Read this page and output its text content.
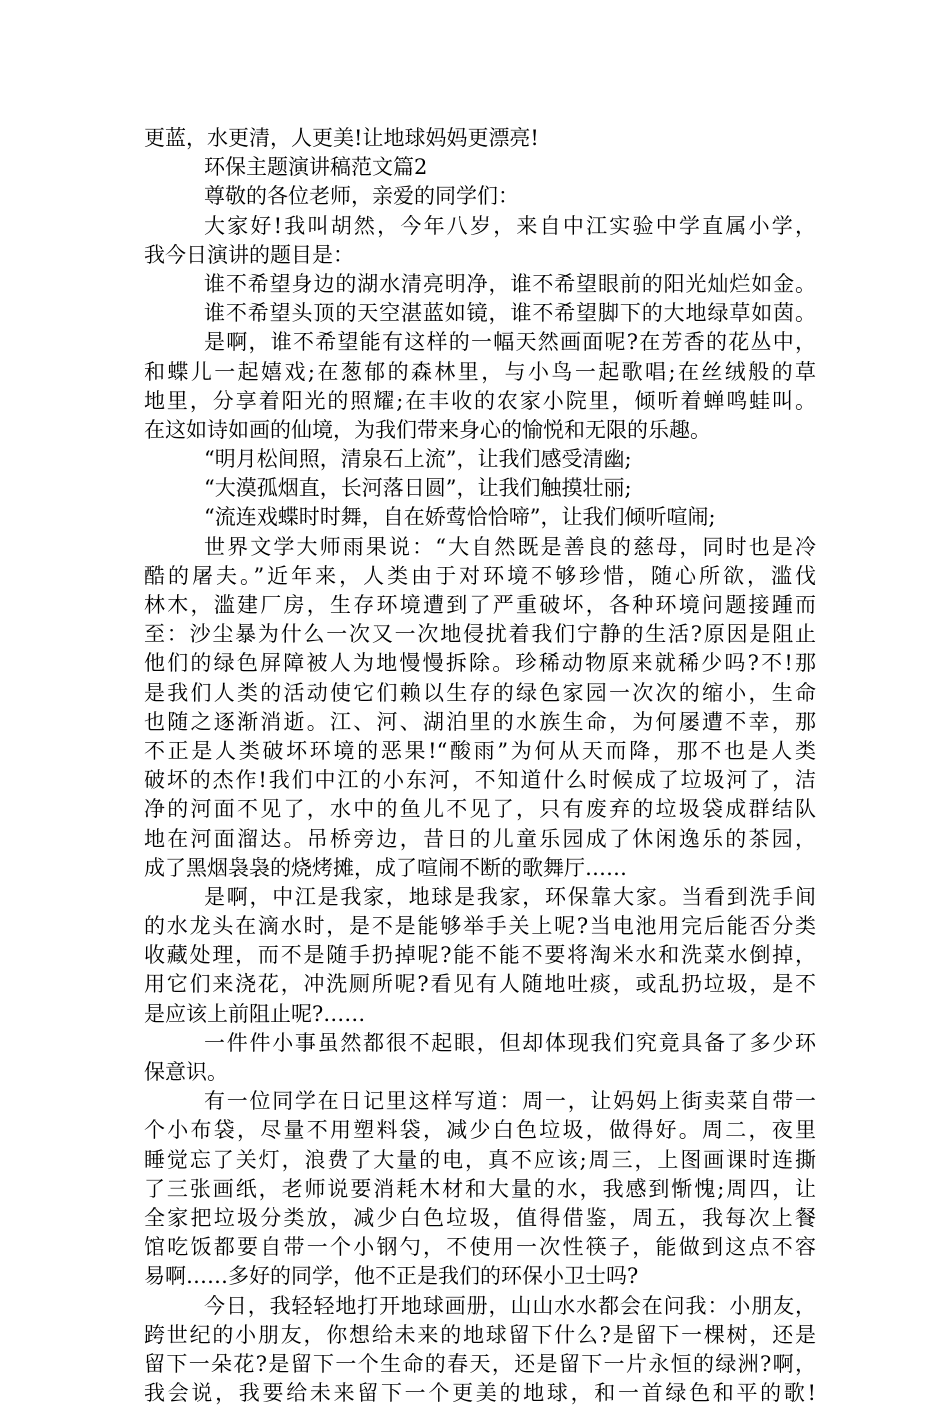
更蓝，水更清，人更美!让地球妈妈更漂亮!
环保主题演讲稿范文篇2
尊敬的各位老师，亲爱的同学们：
大家好!我叫胡然，今年八岁，来自中江实验中学直属小学，
我今日演讲的题目是：
谁不希望身边的湖水清亮明净，谁不希望眼前的阳光灿烂如金。
谁不希望头顶的天空湛蓝如镜，谁不希望脚下的大地绿草如茵。
是啊，谁不希望能有这样的一幅天然画面呢?在芳香的花丛中，
和蝶儿一起嬉戏;在葱郁的森林里，与小鸟一起歌唱;在丝绒般的草
地里，分享着阳光的照耀;在丰收的农家小院里，倾听着蝉鸣蛙叫。
在这如诗如画的仙境，为我们带来身心的愉悦和无限的乐趣。
“明月松间照，清泉石上流”，让我们感受清幽;
“大漠孤烟直，长河落日圆”，让我们触摸壮丽;
“流连戏蝶时时舞，自在娇莺恰恰啼”，让我们倾听喧闹;
世界文学大师雨果说：“大自然既是善良的慈母，同时也是冷
酷的屠夫。”近年来，人类由于对环境不够珍惜，随心所欲，滥伐
林木，滥建厂房，生存环境遭到了严重破坏，各种环境问题接踵而
至：沙尘暴为什么一次又一次地侵扰着我们宁静的生活?原因是阻止
他们的绿色屏障被人为地慢慢拆除。珍稀动物原来就稀少吗?不!那
是我们人类的活动使它们赖以生存的绿色家园一次次的缩小，生命
也随之逐渐消逝。江、河、湖泊里的水族生命，为何屡遭不幸，那
不正是人类破坏环境的恶果!“酸雨”为何从天而降，那不也是人类
破坏的杰作!我们中江的小东河，不知道什么时候成了垃圾河了，洁
净的河面不见了，水中的鱼儿不见了，只有废弃的垃圾袋成群结队
地在河面溜达。吊桥旁边，昔日的儿童乐园成了休闲逸乐的茶园，
成了黑烟袅袅的烧烤摊，成了喧闹不断的歌舞厅……
是啊，中江是我家，地球是我家，环保靠大家。当看到洗手间
的水龙头在滴水时，是不是能够举手关上呢?当电池用完后能否分类
收藏处理，而不是随手扔掉呢?能不能不要将淘米水和洗菜水倒掉，
用它们来浇花，冲洗厕所呢?看见有人随地吐痰，或乱扔垃圾，是不
是应该上前阻止呢?……
一件件小事虽然都很不起眼，但却体现我们究竟具备了多少环
保意识。
有一位同学在日记里这样写道：周一，让妈妈上街卖菜自带一
个小布袋，尽量不用塑料袋，减少白色垃圾，做得好。周二，夜里
睡觉忘了关灯，浪费了大量的电，真不应该;周三，上图画课时连撕
了三张画纸，老师说要消耗木材和大量的水，我感到惭愧;周四，让
全家把垃圾分类放，减少白色垃圾，值得借鉴，周五，我每次上餐
馆吃饭都要自带一个小钢勺，不使用一次性筷子，能做到这点不容
易啊……多好的同学，他不正是我们的环保小卫士吗?
今日，我轻轻地打开地球画册，山山水水都会在问我：小朋友，
跨世纪的小朋友，你想给未来的地球留下什么?是留下一棵树，还是
留下一朵花?是留下一个生命的春天，还是留下一片永恒的绿洲?啊，
我会说，我要给未来留下一个更美的地球，和一首绿色和平的歌!
